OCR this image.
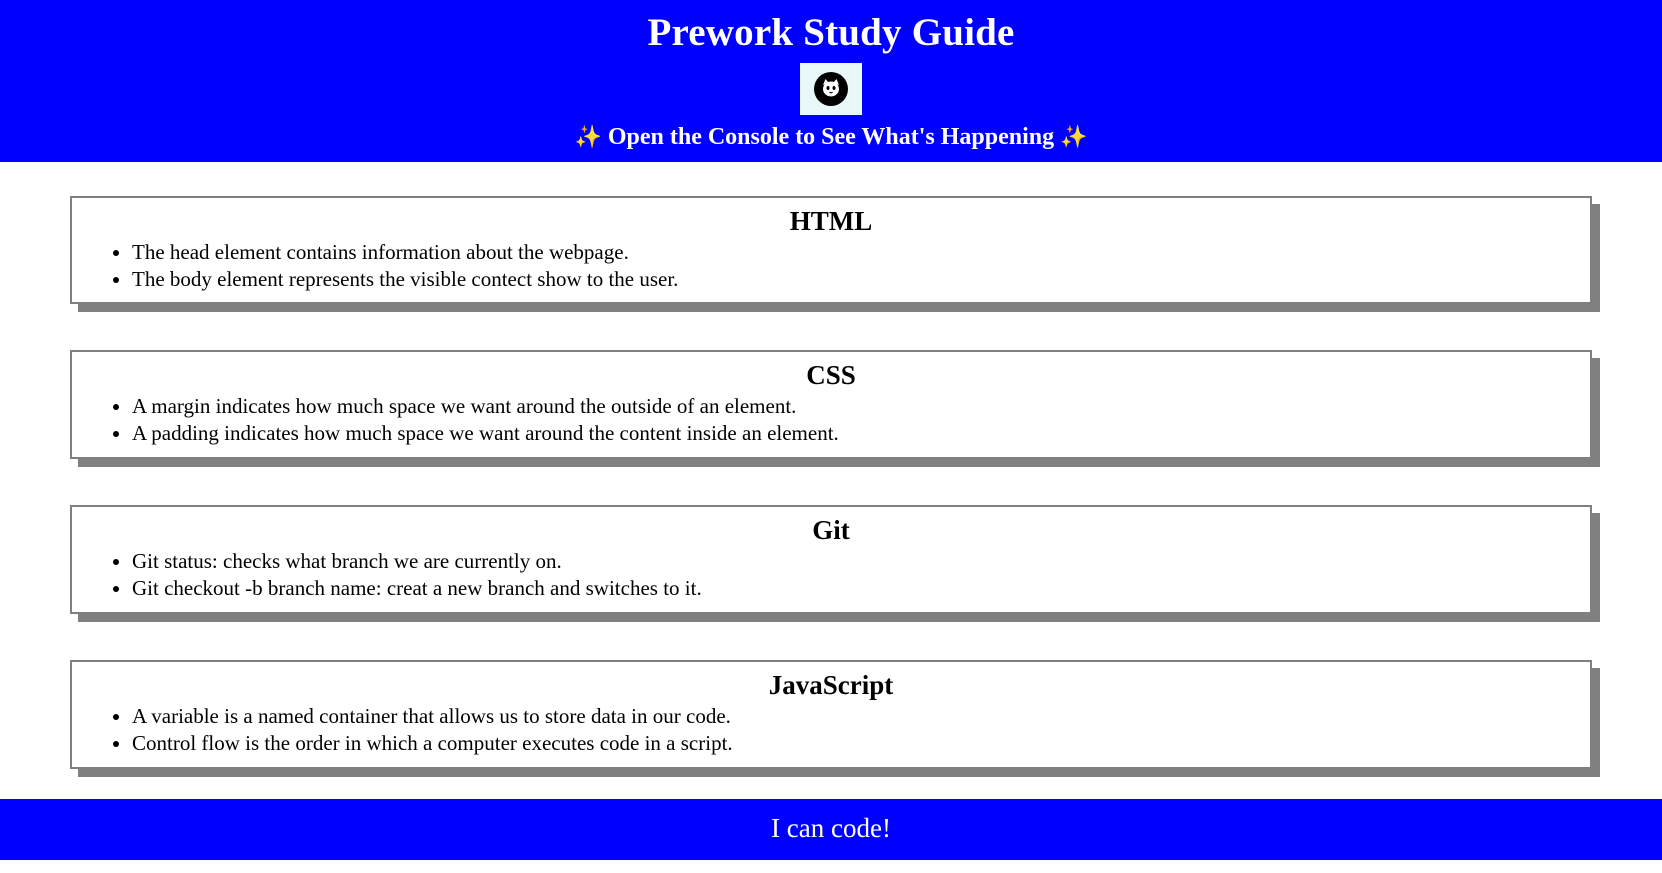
Prework Study Guide

✨ Open the Console to See What's Happening ✨

HTML
• The head element contains information about the webpage.
• The body element represents the visible contect show to the user.
CSS
• A margin indicates how much space we want around the outside of an element.
• A padding indicates how much space we want around the content inside an element.
Git
• Git status: checks what branch we are currently on.
• Git checkout -b branch name: creat a new branch and switches to it.
JavaScript
• A variable is a named container that allows us to store data in our code.
• Control flow is the order in which a computer executes code in a script.
I can code!
